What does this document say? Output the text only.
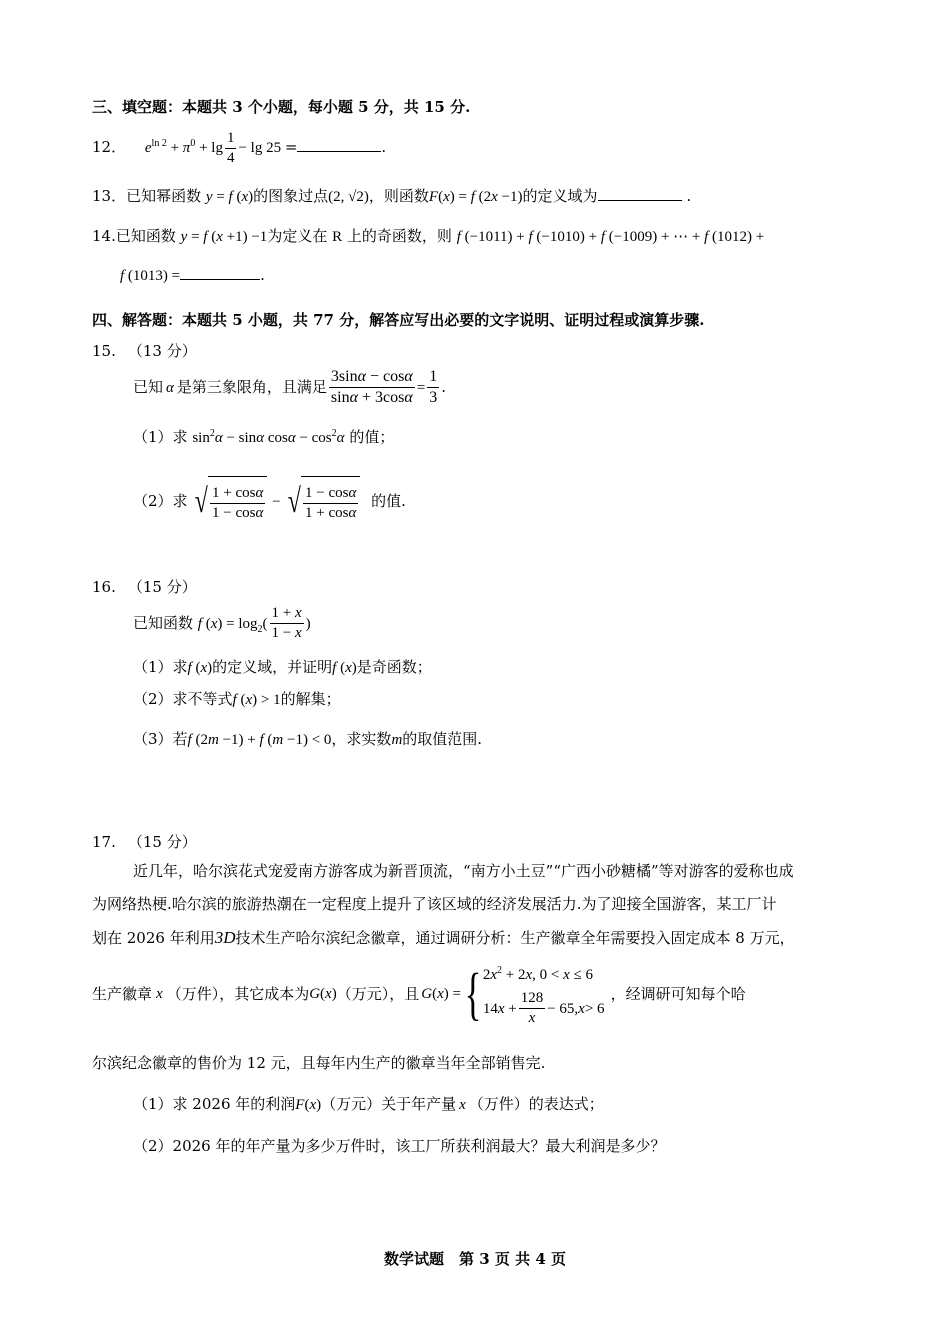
三、填空题：本题共 3 个小题，每小题 5 分，共 15 分.
12． $e^{ln 2} + \pi^0 + \lg \frac{1}{4} - \lg 25$ =	.
13．已知幂函数 y = f (x)的图象过点(2, √2)，则函数F(x) = f (2x −1)的定义域为	.
14.已知函数 y = f (x +1) −1为定义在 R 上的奇函数，则 f (−1011) + f (−1010) + f (−1009) + ⋯ + f (1012) +
f (1013) =	.
四、解答题：本题共 5 小题，共 77 分，解答应写出必要的文字说明、证明过程或演算步骤.
15. （13 分）
已知 α 是第三象限角，且满足 $\frac{3\sin\alpha - \cos\alpha}{\sin\alpha + 3\cos\alpha} = \frac{1}{3}$ .
（1）求 $\sin^2\alpha - \sin\alpha$ $\cos\alpha - \cos^2\alpha$ 的值；
（2）求 √ $\frac{1 + \cos\alpha}{1 - \cos\alpha}$ − √ $\frac{1 - \cos\alpha}{1 + \cos\alpha}$ 的值.
16. （15 分）
已知函数 f $(x) = \log_2( \frac{1 + x}{1 - x}$ )
（1）求f (x)的定义域，并证明f (x)是奇函数；
（2）求不等式f (x) > 1的解集；
（3）若f (2m −1) + f (m −1) < 0，求实数m的取值范围.
17. （15 分）
近几年，哈尔滨花式宠爱南方游客成为新晋顶流，“南方小土豆”“广西小砂糖橘”等对游客的爱称也成
为网络热梗.哈尔滨的旅游热潮在一定程度上提升了该区域的经济发展活力.为了迎接全国游客，某工厂计
划在 2026 年利用3D技术生产哈尔滨纪念徽章，通过调研分析：生产徽章全年需要投入固定成本 8 万元，
生产徽章 x （万件），其它成本为 G(x) （万元），且 G(x) = { $2x^2 + 2x$, 0 < x ≤ 6
14 $x + \frac{128}{x} - 65$, x > 6
，经调研可知每个哈
尔滨纪念徽章的售价为 12 元，且每年内生产的徽章当年全部销售完.
（1）求 2026 年的利润F(x)（万元）关于年产量 x （万件）的表达式；
（2）2026 年的年产量为多少万件时，该工厂所获利润最大？最大利润是多少？
数学试题　第 3 页 共 4 页
